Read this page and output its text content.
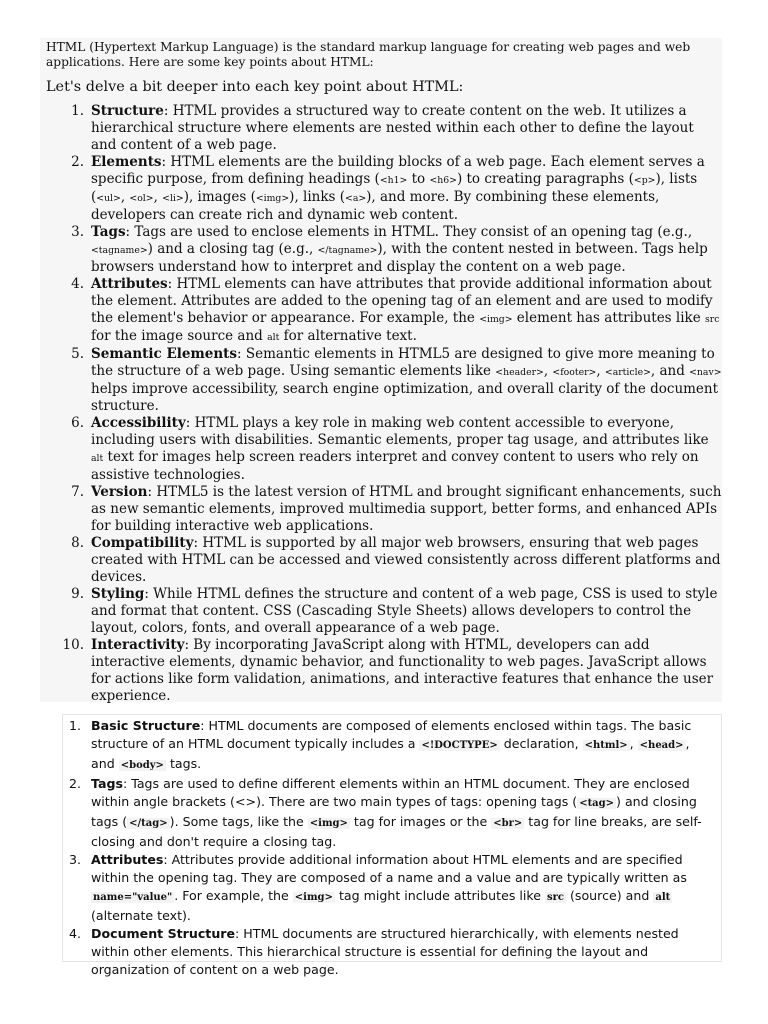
HTML (Hypertext Markup Language) is the standard markup language for creating web pages and web applications. Here are some key points about HTML:

Let's delve a bit deeper into each key point about HTML:

1. Structure: HTML provides a structured way to create content on the web. It utilizes a hierarchical structure where elements are nested within each other to define the layout and content of a web page.
2. Elements: HTML elements are the building blocks of a web page. Each element serves a specific purpose, from defining headings (<h1> to <h6>) to creating paragraphs (<p>), lists (<ul>, <ol>, <li>), images (<img>), links (<a>), and more. By combining these elements, developers can create rich and dynamic web content.
3. Tags: Tags are used to enclose elements in HTML. They consist of an opening tag (e.g., <tagname>) and a closing tag (e.g., </tagname>), with the content nested in between. Tags help browsers understand how to interpret and display the content on a web page.
4. Attributes: HTML elements can have attributes that provide additional information about the element. Attributes are added to the opening tag of an element and are used to modify the element's behavior or appearance. For example, the <img> element has attributes like src for the image source and alt for alternative text.
5. Semantic Elements: Semantic elements in HTML5 are designed to give more meaning to the structure of a web page. Using semantic elements like <header>, <footer>, <article>, and <nav> helps improve accessibility, search engine optimization, and overall clarity of the document structure.
6. Accessibility: HTML plays a key role in making web content accessible to everyone, including users with disabilities. Semantic elements, proper tag usage, and attributes like alt text for images help screen readers interpret and convey content to users who rely on assistive technologies.
7. Version: HTML5 is the latest version of HTML and brought significant enhancements, such as new semantic elements, improved multimedia support, better forms, and enhanced APIs for building interactive web applications.
8. Compatibility: HTML is supported by all major web browsers, ensuring that web pages created with HTML can be accessed and viewed consistently across different platforms and devices.
9. Styling: While HTML defines the structure and content of a web page, CSS is used to style and format that content. CSS (Cascading Style Sheets) allows developers to control the layout, colors, fonts, and overall appearance of a web page.
10. Interactivity: By incorporating JavaScript along with HTML, developers can add interactive elements, dynamic behavior, and functionality to web pages. JavaScript allows for actions like form validation, animations, and interactive features that enhance the user experience.
1. Basic Structure: HTML documents are composed of elements enclosed within tags. The basic structure of an HTML document typically includes a <!DOCTYPE> declaration, <html> , <head> , and <body> tags.
2. Tags: Tags are used to define different elements within an HTML document. They are enclosed within angle brackets (<>). There are two main types of tags: opening tags ( <tag> ) and closing tags ( </tag> ). Some tags, like the <img> tag for images or the <br> tag for line breaks, are self-closing and don't require a closing tag.
3. Attributes: Attributes provide additional information about HTML elements and are specified within the opening tag. They are composed of a name and a value and are typically written as name="value" . For example, the <img> tag might include attributes like src (source) and alt (alternate text).
4. Document Structure: HTML documents are structured hierarchically, with elements nested within other elements. This hierarchical structure is essential for defining the layout and organization of content on a web page.
